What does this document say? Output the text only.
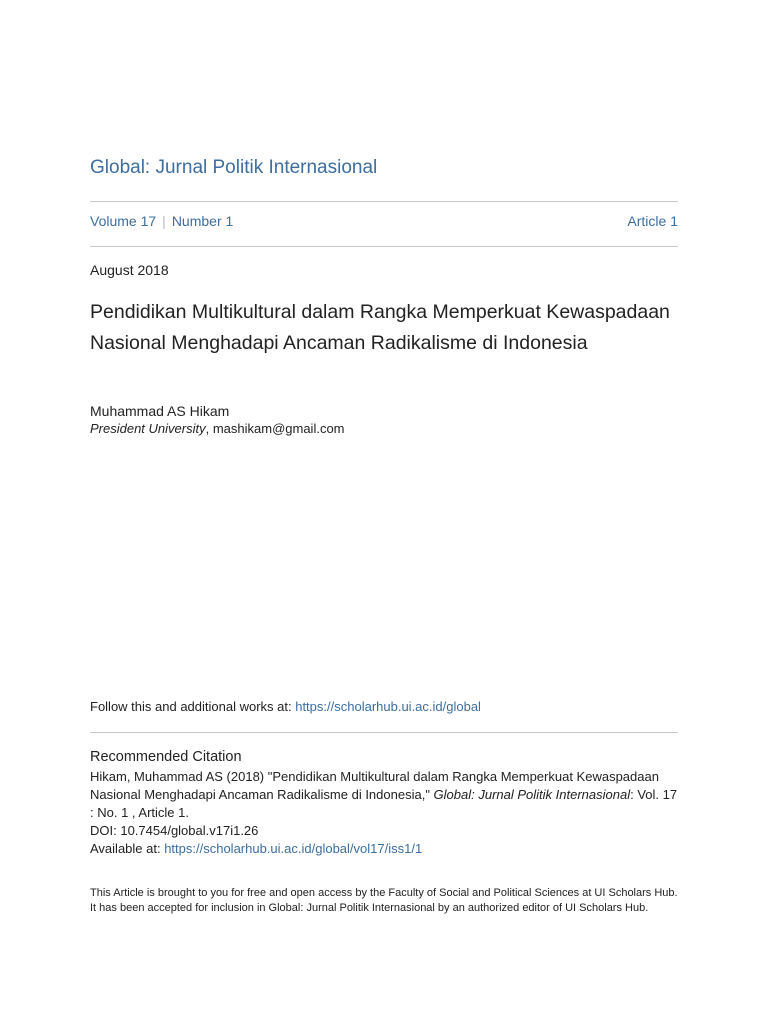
Global: Jurnal Politik Internasional
Volume 17 | Number 1	Article 1
August 2018
Pendidikan Multikultural dalam Rangka Memperkuat Kewaspadaan Nasional Menghadapi Ancaman Radikalisme di Indonesia
Muhammad AS Hikam
President University, mashikam@gmail.com
Follow this and additional works at: https://scholarhub.ui.ac.id/global
Recommended Citation
Hikam, Muhammad AS (2018) "Pendidikan Multikultural dalam Rangka Memperkuat Kewaspadaan Nasional Menghadapi Ancaman Radikalisme di Indonesia," Global: Jurnal Politik Internasional: Vol. 17 : No. 1 , Article 1.
DOI: 10.7454/global.v17i1.26
Available at: https://scholarhub.ui.ac.id/global/vol17/iss1/1
This Article is brought to you for free and open access by the Faculty of Social and Political Sciences at UI Scholars Hub. It has been accepted for inclusion in Global: Jurnal Politik Internasional by an authorized editor of UI Scholars Hub.
